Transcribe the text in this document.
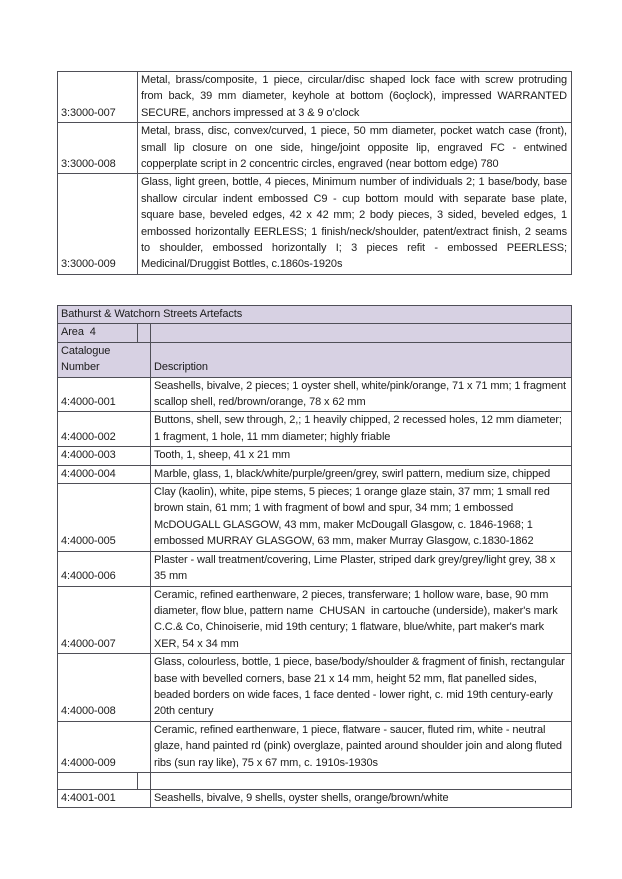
3:3000-007	Metal, brass/composite, 1 piece, circular/disc shaped lock face with screw protruding from back, 39 mm diameter, keyhole at bottom (6oçlock), impressed WARRANTED SECURE, anchors impressed at 3 & 9 o’clock
3:3000-008	Metal, brass, disc, convex/curved, 1 piece, 50 mm diameter, pocket watch case (front), small lip closure on one side, hinge/joint opposite lip, engraved FC - entwined copperplate script in 2 concentric circles, engraved (near bottom edge) 780
3:3000-009	Glass, light green, bottle, 4 pieces, Minimum number of individuals 2; 1 base/body, base shallow circular indent embossed C9 - cup bottom mould with separate base plate, square base, beveled edges, 42 x 42 mm; 2 body pieces, 3 sided, beveled edges, 1 embossed horizontally EERLESS; 1 finish/neck/shoulder, patent/extract finish, 2 seams to shoulder, embossed horizontally I; 3 pieces refit - embossed PEERLESS; Medicinal/Druggist Bottles, c.1860s-1920s
Bathurst & Watchorn Streets Artefacts		
Area  4		
Catalogue Number		Description
4:4000-001		Seashells, bivalve, 2 pieces; 1 oyster shell, white/pink/orange, 71 x 71 mm; 1 fragment scallop shell, red/brown/orange, 78 x 62 mm
4:4000-002		Buttons, shell, sew through, 2,; 1 heavily chipped, 2 recessed holes, 12 mm diameter; 1 fragment, 1 hole, 11 mm diameter; highly friable
4:4000-003		Tooth, 1, sheep, 41 x 21 mm
4:4000-004		Marble, glass, 1, black/white/purple/green/grey, swirl pattern, medium size, chipped
4:4000-005		Clay (kaolin), white, pipe stems, 5 pieces; 1 orange glaze stain, 37 mm; 1 small red brown stain, 61 mm; 1 with fragment of bowl and spur, 34 mm; 1 embossed McDOUGALL GLASGOW, 43 mm, maker McDougall Glasgow, c. 1846-1968; 1 embossed MURRAY GLASGOW, 63 mm, maker Murray Glasgow, c.1830-1862
4:4000-006		Plaster - wall treatment/covering, Lime Plaster, striped dark grey/grey/light grey, 38 x 35 mm
4:4000-007		Ceramic, refined earthenware, 2 pieces, transferware; 1 hollow ware, base, 90 mm diameter, flow blue, pattern name  CHUSAN  in cartouche (underside), maker's mark C.C.& Co, Chinoiserie, mid 19th century; 1 flatware, blue/white, part maker's mark XER, 54 x 34 mm
4:4000-008		Glass, colourless, bottle, 1 piece, base/body/shoulder & fragment of finish, rectangular base with bevelled corners, base 21 x 14 mm, height 52 mm, flat panelled sides, beaded borders on wide faces, 1 face dented - lower right, c. mid 19th century-early 20th century
4:4000-009		Ceramic, refined earthenware, 1 piece, flatware - saucer, fluted rim, white - neutral glaze, hand painted rd (pink) overglaze, painted around shoulder join and along fluted ribs (sun ray like), 75 x 67 mm, c. 1910s-1930s

4:4001-001		Seashells, bivalve, 9 shells, oyster shells, orange/brown/white
